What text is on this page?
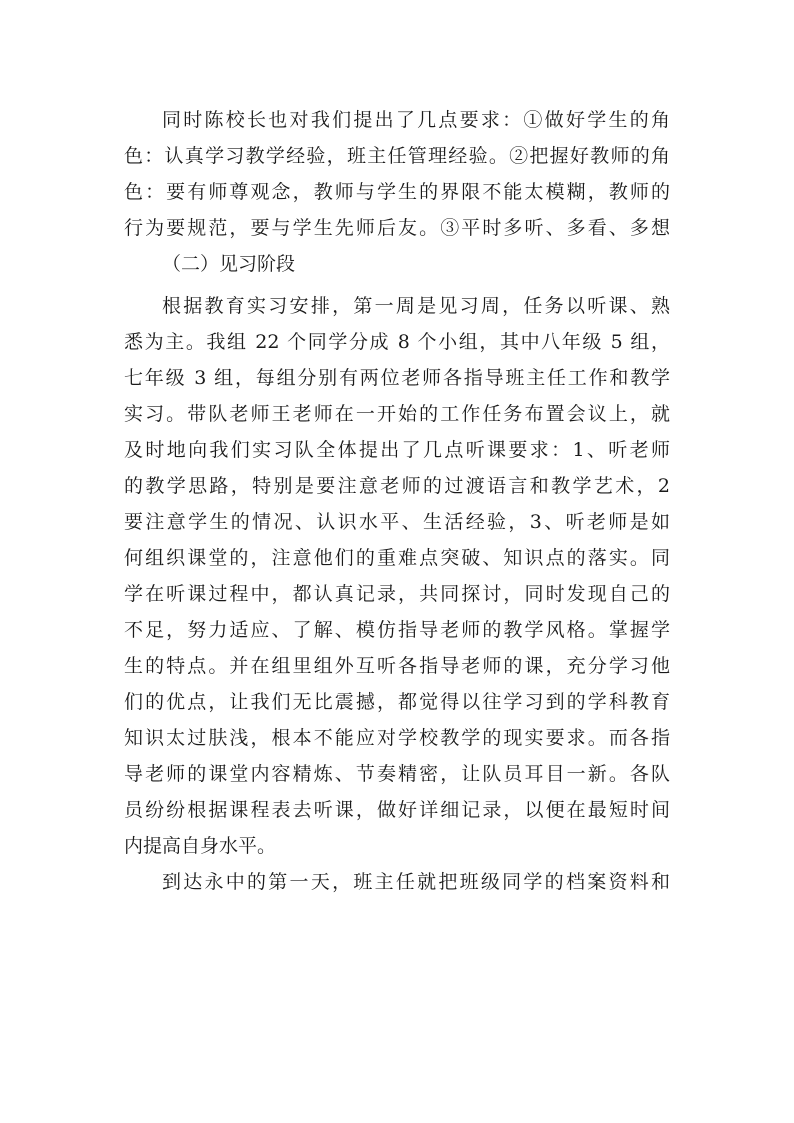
同时陈校长也对我们提出了几点要求：①做好学生的角
色：认真学习教学经验，班主任管理经验。②把握好教师的角
色：要有师尊观念，教师与学生的界限不能太模糊，教师的
行为要规范，要与学生先师后友。③平时多听、多看、多想
（二）见习阶段
根据教育实习安排，第一周是见习周，任务以听课、熟
悉为主。我组 22 个同学分成 8 个小组，其中八年级 5 组，
七年级 3 组，每组分别有两位老师各指导班主任工作和教学
实习。带队老师王老师在一开始的工作任务布置会议上，就
及时地向我们实习队全体提出了几点听课要求：1、听老师
的教学思路，特别是要注意老师的过渡语言和教学艺术，2
要注意学生的情况、认识水平、生活经验，3、听老师是如
何组织课堂的，注意他们的重难点突破、知识点的落实。同
学在听课过程中，都认真记录，共同探讨，同时发现自己的
不足，努力适应、了解、模仿指导老师的教学风格。掌握学
生的特点。并在组里组外互听各指导老师的课，充分学习他
们的优点，让我们无比震撼，都觉得以往学习到的学科教育
知识太过肤浅，根本不能应对学校教学的现实要求。而各指
导老师的课堂内容精炼、节奏精密，让队员耳目一新。各队
员纷纷根据课程表去听课，做好详细记录，以便在最短时间
内提高自身水平。
到达永中的第一天，班主任就把班级同学的档案资料和
